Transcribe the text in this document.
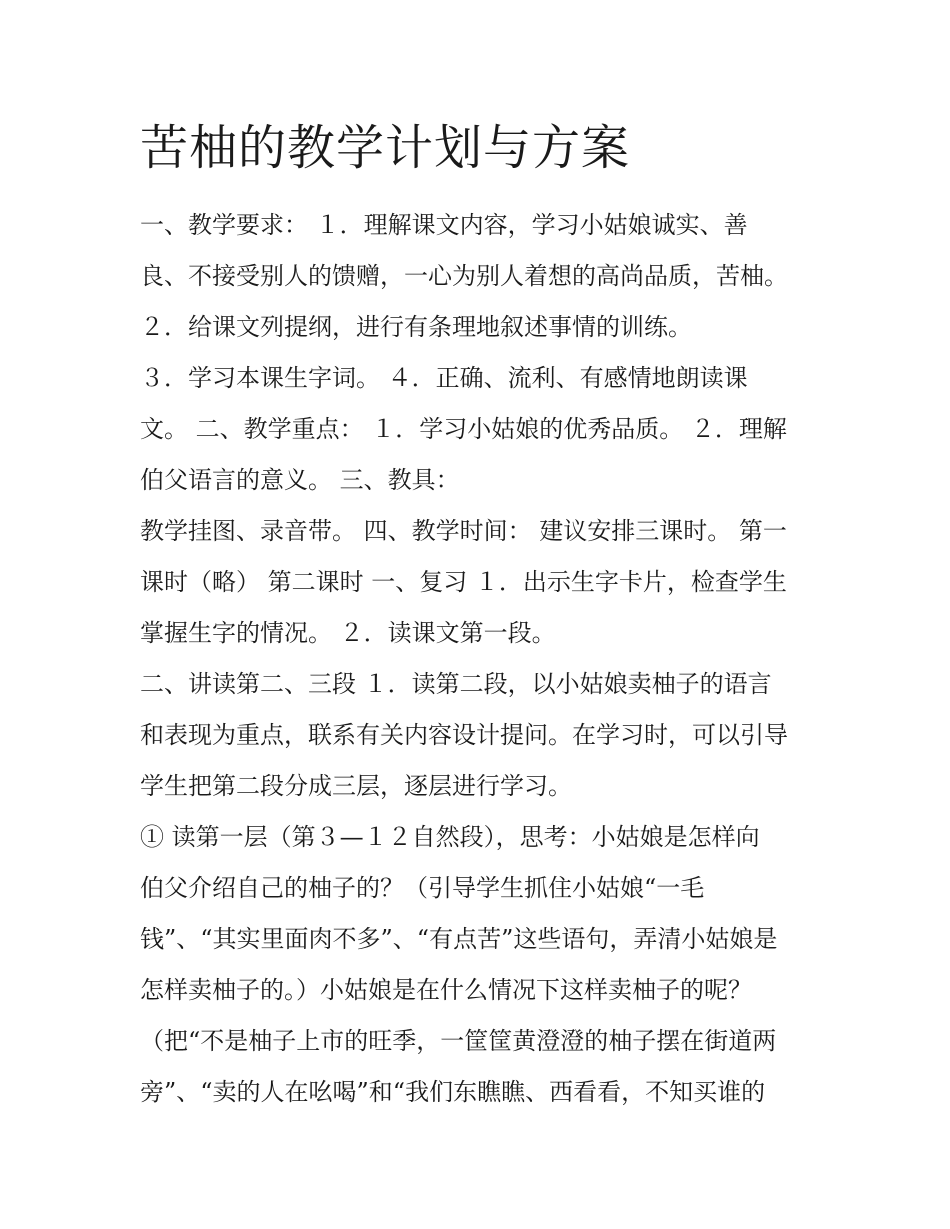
苦柚的教学计划与方案
一、教学要求： １．理解课文内容，学习小姑娘诚实、善
良、不接受别人的馈赠，一心为别人着想的高尚品质，苦柚。
２．给课文列提纲，进行有条理地叙述事情的训练。
３．学习本课生字词。 ４．正确、流利、有感情地朗读课
文。 二、教学重点： １．学习小姑娘的优秀品质。 ２．理解
伯父语言的意义。 三、教具：
教学挂图、录音带。 四、教学时间： 建议安排三课时。 第一
课时（略） 第二课时 一、复习 １．出示生字卡片，检查学生
掌握生字的情况。 ２．读课文第一段。
二、讲读第二、三段 １．读第二段，以小姑娘卖柚子的语言
和表现为重点，联系有关内容设计提问。在学习时，可以引导
学生把第二段分成三层，逐层进行学习。
① 读第一层（第３—１２自然段），思考：小姑娘是怎样向
伯父介绍自己的柚子的？（引导学生抓住小姑娘“一毛
钱”、“其实里面肉不多”、“有点苦”这些语句，弄清小姑娘是
怎样卖柚子的。）小姑娘是在什么情况下这样卖柚子的呢？
（把“不是柚子上市的旺季，一筐筐黄澄澄的柚子摆在街道两
旁”、“卖的人在吆喝”和“我们东瞧瞧、西看看，不知买谁的
